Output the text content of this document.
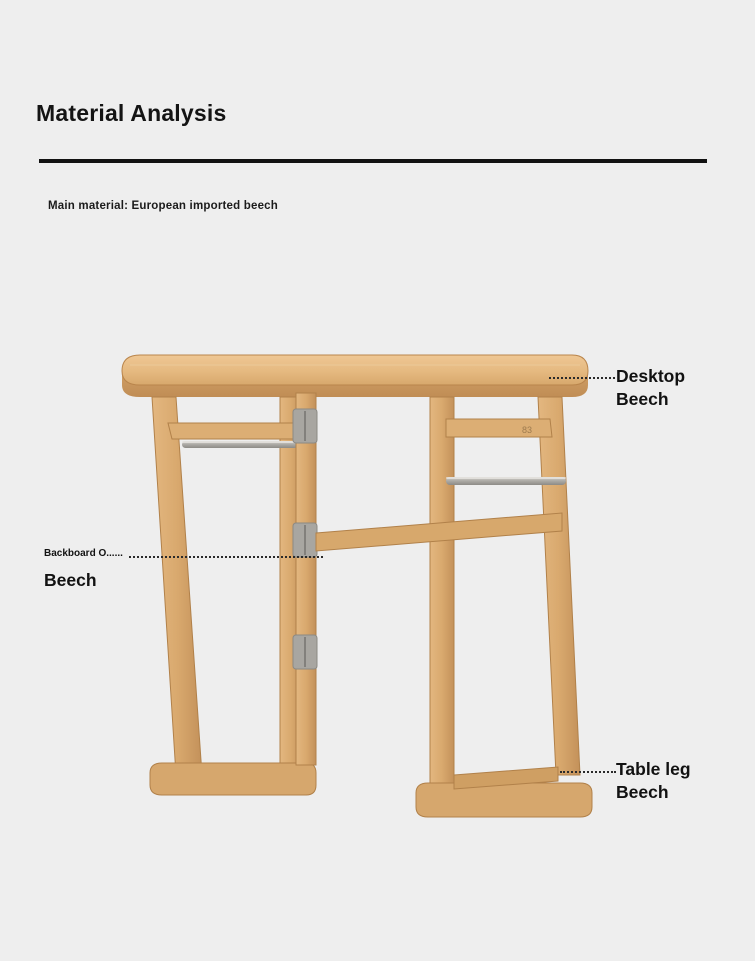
Material Analysis
Main material: European imported beech
83
Desktop
Beech
Backboard O......
Beech
Table leg
Beech
